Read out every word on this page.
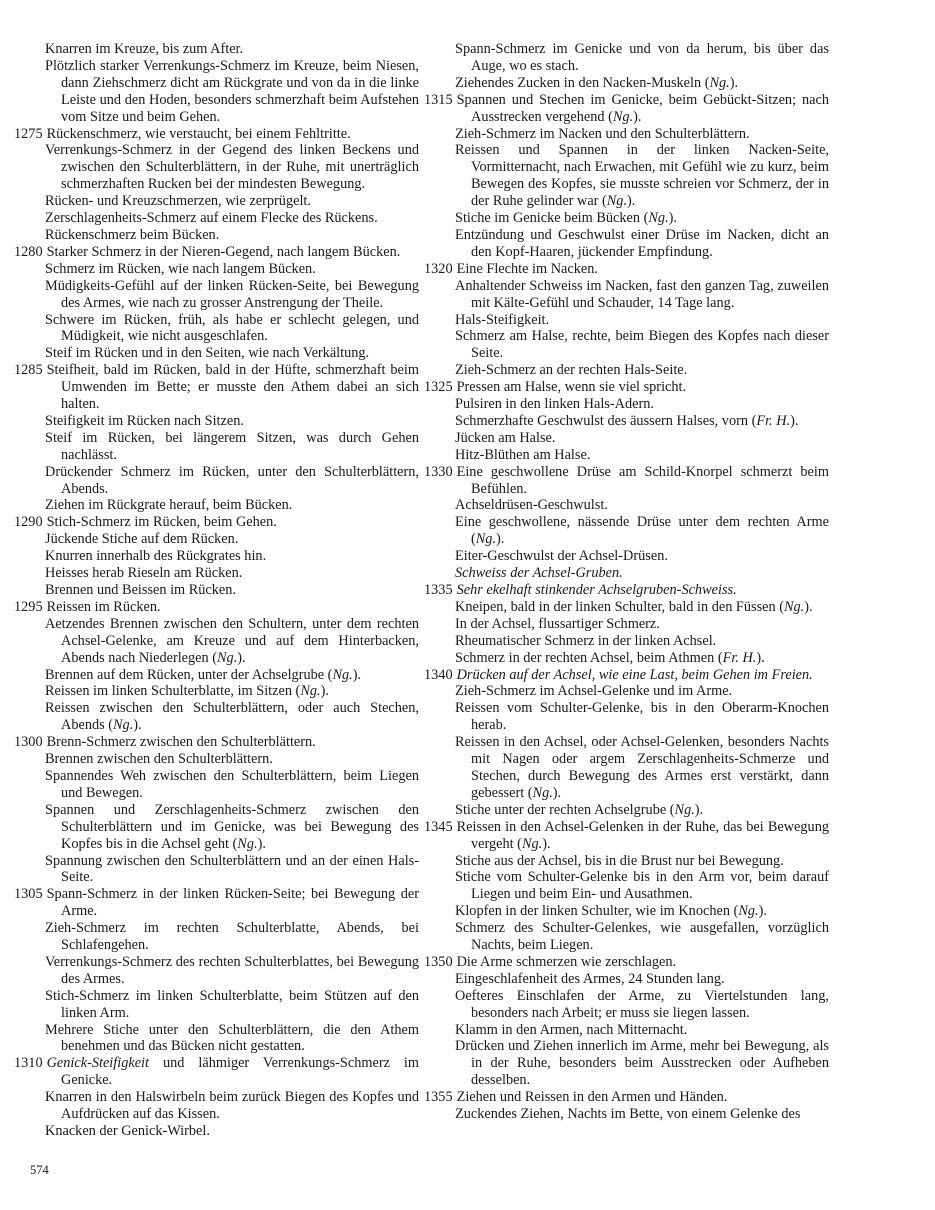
Knarren im Kreuze, bis zum After.

Plötzlich starker Verrenkungs-Schmerz im Kreuze, beim Niesen, dann Ziehschmerz dicht am Rückgrate und von da in die linke Leiste und den Hoden, besonders schmerzhaft beim Aufstehen vom Sitze und beim Gehen.

1275 Rückenschmerz, wie verstaucht, bei einem Fehltritte.

Verrenkungs-Schmerz in der Gegend des linken Beckens und zwischen den Schulterblättern, in der Ruhe, mit unerträglich schmerzhaften Rucken bei der mindesten Bewegung.

Rücken- und Kreuzschmerzen, wie zerprügelt.

Zerschlagenheits-Schmerz auf einem Flecke des Rückens.

Rückenschmerz beim Bücken.

1280 Starker Schmerz in der Nieren-Gegend, nach langem Bücken.

Schmerz im Rücken, wie nach langem Bücken.

Müdigkeits-Gefühl auf der linken Rücken-Seite, bei Bewegung des Armes, wie nach zu grosser Anstrengung der Theile.

Schwere im Rücken, früh, als habe er schlecht gelegen, und Müdigkeit, wie nicht ausgeschlafen.

Steif im Rücken und in den Seiten, wie nach Verkältung.

1285 Steifheit, bald im Rücken, bald in der Hüfte, schmerzhaft beim Umwenden im Bette; er musste den Athem dabei an sich halten.

Steifigkeit im Rücken nach Sitzen.

Steif im Rücken, bei längerem Sitzen, was durch Gehen nachlässt.

Drückender Schmerz im Rücken, unter den Schulterblättern, Abends.

Ziehen im Rückgrate herauf, beim Bücken.

1290 Stich-Schmerz im Rücken, beim Gehen.

Jückende Stiche auf dem Rücken.

Knurren innerhalb des Rückgrates hin.

Heisses herab Rieseln am Rücken.

Brennen und Beissen im Rücken.

1295 Reissen im Rücken.

Aetzendes Brennen zwischen den Schultern, unter dem rechten Achsel-Gelenke, am Kreuze und auf dem Hinterbacken, Abends nach Niederlegen (Ng.).

Brennen auf dem Rücken, unter der Achselgrube (Ng.).

Reissen im linken Schulterblatte, im Sitzen (Ng.).

Reissen zwischen den Schulterblättern, oder auch Stechen, Abends (Ng.).

1300 Brenn-Schmerz zwischen den Schulterblättern.

Brennen zwischen den Schulterblättern.

Spannendes Weh zwischen den Schulterblättern, beim Liegen und Bewegen.

Spannen und Zerschlagenheits-Schmerz zwischen den Schulterblättern und im Genicke, was bei Bewegung des Kopfes bis in die Achsel geht (Ng.).

Spannung zwischen den Schulterblättern und an der einen Hals-Seite.

1305 Spann-Schmerz in der linken Rücken-Seite; bei Bewegung der Arme.

Zieh-Schmerz im rechten Schulterblatte, Abends, bei Schlafengehen.

Verrenkungs-Schmerz des rechten Schulterblattes, bei Bewegung des Armes.

Stich-Schmerz im linken Schulterblatte, beim Stützen auf den linken Arm.

Mehrere Stiche unter den Schulterblättern, die den Athem benehmen und das Bücken nicht gestatten.

1310 Genick-Steifigkeit und lähmiger Verrenkungs-Schmerz im Genicke.

Knarren in den Halswirbeln beim zurück Biegen des Kopfes und Aufdrücken auf das Kissen.

Knacken der Genick-Wirbel.

Spann-Schmerz im Genicke und von da herum, bis über das Auge, wo es stach.

Ziehendes Zucken in den Nacken-Muskeln (Ng.).

1315 Spannen und Stechen im Genicke, beim Gebückt-Sitzen; nach Ausstrecken vergehend (Ng.).

Zieh-Schmerz im Nacken und den Schulterblättern.

Reissen und Spannen in der linken Nacken-Seite, Vormitternacht, nach Erwachen, mit Gefühl wie zu kurz, beim Bewegen des Kopfes, sie musste schreien vor Schmerz, der in der Ruhe gelinder war (Ng.).

Stiche im Genicke beim Bücken (Ng.).

Entzündung und Geschwulst einer Drüse im Nacken, dicht an den Kopf-Haaren, jückender Empfindung.

1320 Eine Flechte im Nacken.

Anhaltender Schweiss im Nacken, fast den ganzen Tag, zuweilen mit Kälte-Gefühl und Schauder, 14 Tage lang.

Hals-Steifigkeit.

Schmerz am Halse, rechte, beim Biegen des Kopfes nach dieser Seite.

Zieh-Schmerz an der rechten Hals-Seite.

1325 Pressen am Halse, wenn sie viel spricht.

Pulsiren in den linken Hals-Adern.

Schmerzhafte Geschwulst des äussern Halses, vorn (Fr. H.).

Jücken am Halse.

Hitz-Blüthen am Halse.

1330 Eine geschwollene Drüse am Schild-Knorpel schmerzt beim Befühlen.

Achseldrüsen-Geschwulst.

Eine geschwollene, nässende Drüse unter dem rechten Arme (Ng.).

Eiter-Geschwulst der Achsel-Drüsen.

Schweiss der Achsel-Gruben.

1335 Sehr ekelhaft stinkender Achselgruben-Schweiss.

Kneipen, bald in der linken Schulter, bald in den Füssen (Ng.).

In der Achsel, flussartiger Schmerz.

Rheumatischer Schmerz in der linken Achsel.

Schmerz in der rechten Achsel, beim Athmen (Fr. H.).

1340 Drücken auf der Achsel, wie eine Last, beim Gehen im Freien.

Zieh-Schmerz im Achsel-Gelenke und im Arme.

Reissen vom Schulter-Gelenke, bis in den Oberarm-Knochen herab.

Reissen in den Achsel, oder Achsel-Gelenken, besonders Nachts mit Nagen oder argem Zerschlagenheits-Schmerze und Stechen, durch Bewegung des Armes erst verstärkt, dann gebessert (Ng.).

Stiche unter der rechten Achselgrube (Ng.).

1345 Reissen in den Achsel-Gelenken in der Ruhe, das bei Bewegung vergeht (Ng.).

Stiche aus der Achsel, bis in die Brust nur bei Bewegung.

Stiche vom Schulter-Gelenke bis in den Arm vor, beim darauf Liegen und beim Ein- und Ausathmen.

Klopfen in der linken Schulter, wie im Knochen (Ng.).

Schmerz des Schulter-Gelenkes, wie ausgefallen, vorzüglich Nachts, beim Liegen.

1350 Die Arme schmerzen wie zerschlagen.

Eingeschlafenheit des Armes, 24 Stunden lang.

Oefteres Einschlafen der Arme, zu Viertelstunden lang, besonders nach Arbeit; er muss sie liegen lassen.

Klamm in den Armen, nach Mitternacht.

Drücken und Ziehen innerlich im Arme, mehr bei Bewegung, als in der Ruhe, besonders beim Ausstrecken oder Aufheben desselben.

1355 Ziehen und Reissen in den Armen und Händen.

Zuckendes Ziehen, Nachts im Bette, von einem Gelenke des

574
